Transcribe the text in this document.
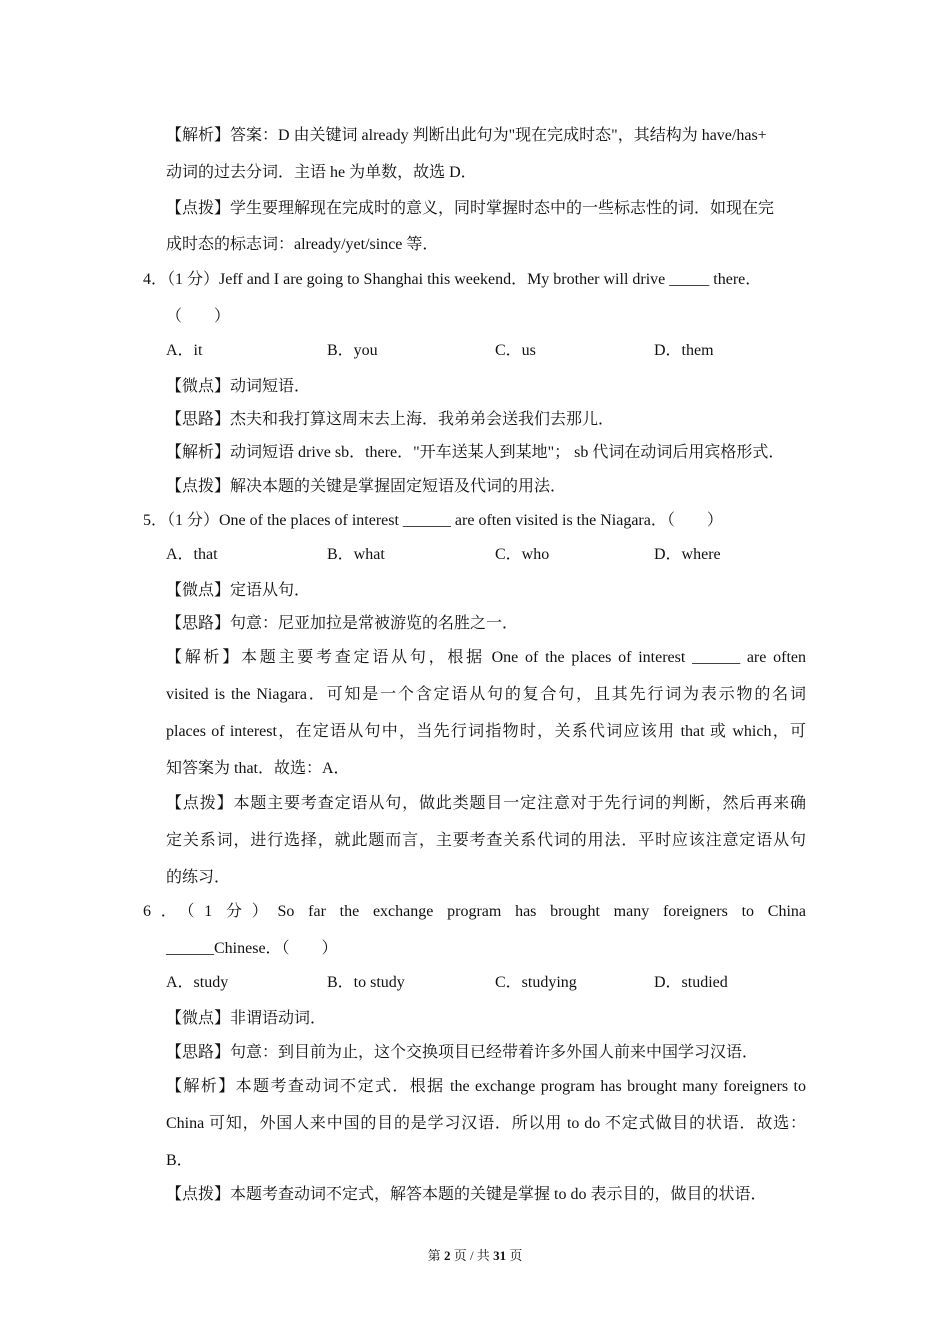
【解析】答案：D 由关键词 already 判断出此句为"现在完成时态"，其结构为 have/has+
动词的过去分词．主语 he 为单数，故选 D．
【点拨】学生要理解现在完成时的意义，同时掌握时态中的一些标志性的词．如现在完
成时态的标志词：already/yet/since 等．
4．（1 分）Jeff and I are going to Shanghai this weekend．My brother will drive _____ there．
（　　）
A．it	B．you	C．us	D．them
【微点】动词短语．
【思路】杰夫和我打算这周末去上海．我弟弟会送我们去那儿．
【解析】动词短语 drive sb．there．"开车送某人到某地"； sb 代词在动词后用宾格形式．
【点拨】解决本题的关键是掌握固定短语及代词的用法．
5．（1 分）One of the places of interest ______ are often visited is the Niagara．（　　）
A．that	B．what	C．who	D．where
【微点】定语从句．
【思路】句意：尼亚加拉是常被游览的名胜之一．
【解析】本题主要考查定语从句，根据 One of the places of interest ______ are often
visited is the Niagara．可知是一个含定语从句的复合句，且其先行词为表示物的名词
places of interest，在定语从句中，当先行词指物时，关系代词应该用 that 或 which，可
知答案为 that．故选：A．
【点拨】本题主要考查定语从句，做此类题目一定注意对于先行词的判断，然后再来确
定关系词，进行选择，就此题而言，主要考查关系代词的用法．平时应该注意定语从句
的练习．
6．（1 分）So far the exchange program has brought many foreigners to China
______Chinese．（　　）
A．study	B．to study	C．studying	D．studied
【微点】非谓语动词．
【思路】句意：到目前为止，这个交换项目已经带着许多外国人前来中国学习汉语．
【解析】本题考查动词不定式．根据 the exchange program has brought many foreigners to
China 可知，外国人来中国的目的是学习汉语．所以用 to do 不定式做目的状语．故选：
B．
【点拨】本题考查动词不定式，解答本题的关键是掌握 to do 表示目的，做目的状语．
第 2 页 / 共 31 页
